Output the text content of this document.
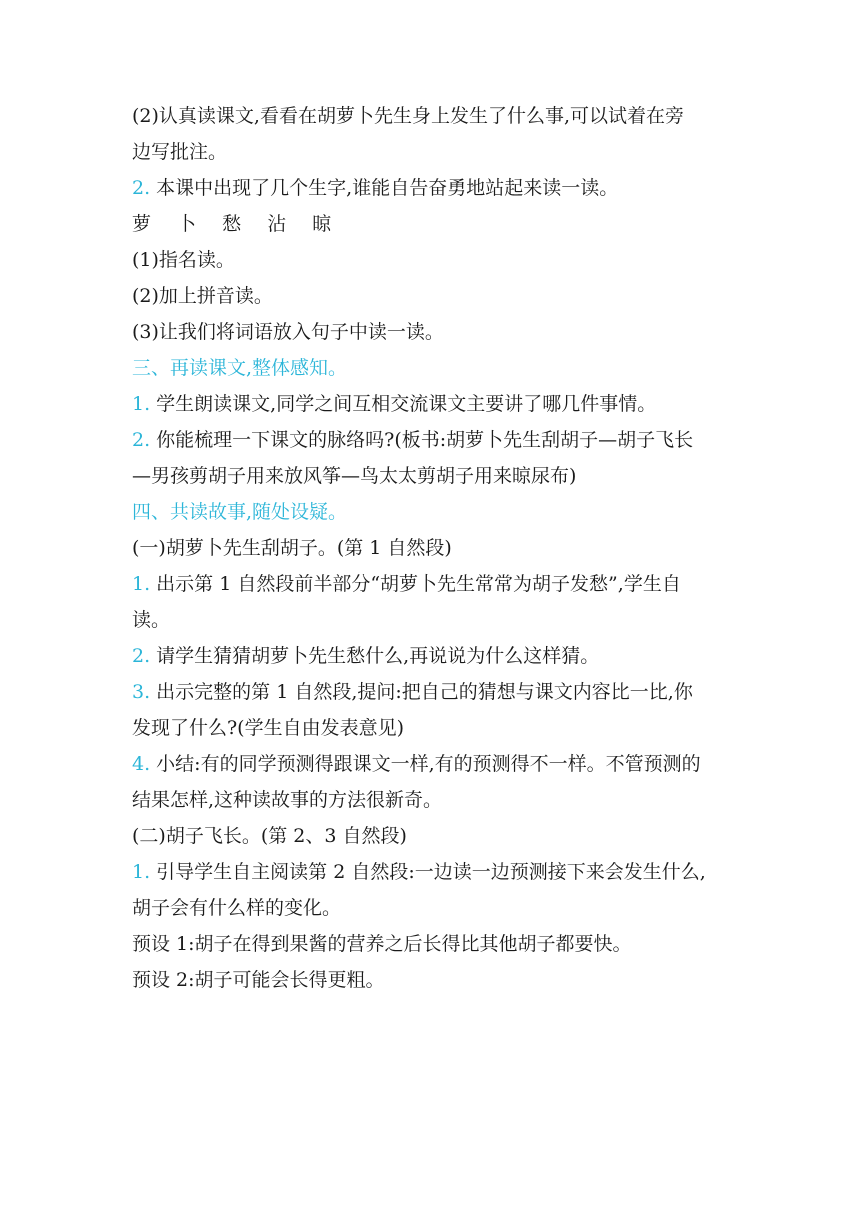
(2)认真读课文,看看在胡萝卜先生身上发生了什么事,可以试着在旁

边写批注。

2. 本课中出现了几个生字,谁能自告奋勇地站起来读一读。

萝 卜 愁 沾 晾

(1)指名读。

(2)加上拼音读。

(3)让我们将词语放入句子中读一读。

三、再读课文,整体感知。

1. 学生朗读课文,同学之间互相交流课文主要讲了哪几件事情。

2. 你能梳理一下课文的脉络吗?(板书:胡萝卜先生刮胡子—胡子飞长

—男孩剪胡子用来放风筝—鸟太太剪胡子用来晾尿布)

四、共读故事,随处设疑。

(一)胡萝卜先生刮胡子。(第 1 自然段)

1. 出示第 1 自然段前半部分“胡萝卜先生常常为胡子发愁”,学生自

读。

2. 请学生猜猜胡萝卜先生愁什么,再说说为什么这样猜。

3. 出示完整的第 1 自然段,提问:把自己的猜想与课文内容比一比,你

发现了什么?(学生自由发表意见)

4. 小结:有的同学预测得跟课文一样,有的预测得不一样。不管预测的

结果怎样,这种读故事的方法很新奇。

(二)胡子飞长。(第 2、3 自然段)

1. 引导学生自主阅读第 2 自然段:一边读一边预测接下来会发生什么,

胡子会有什么样的变化。

预设 1:胡子在得到果酱的营养之后长得比其他胡子都要快。

预设 2:胡子可能会长得更粗。
